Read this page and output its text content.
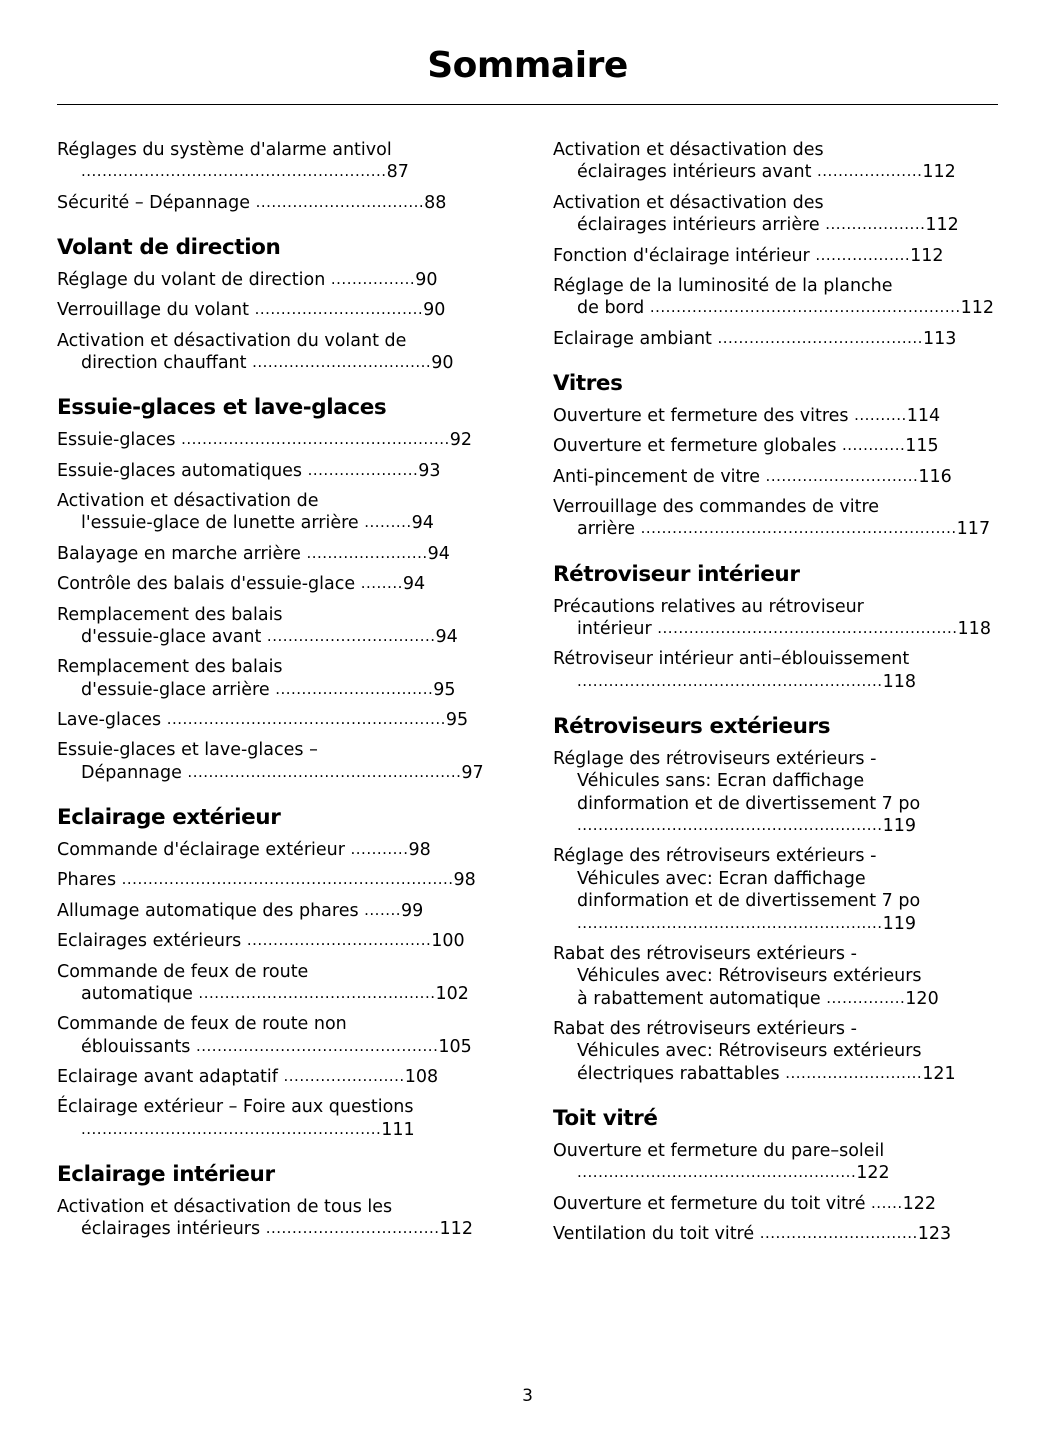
Sommaire
Réglages du système d'alarme antivol
..........................................................87
Sécurité – Dépannage ................................88
Volant de direction
Réglage du volant de direction ................90
Verrouillage du volant ................................90
Activation et désactivation du volant de
direction chauffant ..................................90
Essuie-glaces et lave-glaces
Essuie-glaces ...................................................92
Essuie-glaces automatiques .....................93
Activation et désactivation de
l'essuie-glace de lunette arrière .........94
Balayage en marche arrière .......................94
Contrôle des balais d'essuie-glace ........94
Remplacement des balais
d'essuie-glace avant ................................94
Remplacement des balais
d'essuie-glace arrière ..............................95
Lave-glaces .....................................................95
Essuie-glaces et lave-glaces –
Dépannage ....................................................97
Eclairage extérieur
Commande d'éclairage extérieur ...........98
Phares ...............................................................98
Allumage automatique des phares .......99
Eclairages extérieurs ...................................100
Commande de feux de route
automatique .............................................102
Commande de feux de route non
éblouissants ..............................................105
Eclairage avant adaptatif .......................108
Éclairage extérieur – Foire aux questions
.........................................................111
Eclairage intérieur
Activation et désactivation de tous les
éclairages intérieurs .................................112
Activation et désactivation des
éclairages intérieurs avant ....................112
Activation et désactivation des
éclairages intérieurs arrière ...................112
Fonction d'éclairage intérieur ..................112
Réglage de la luminosité de la planche
de bord ...........................................................112
Eclairage ambiant .......................................113
Vitres
Ouverture et fermeture des vitres ..........114
Ouverture et fermeture globales ............115
Anti-pincement de vitre .............................116
Verrouillage des commandes de vitre
arrière ............................................................117
Rétroviseur intérieur
Précautions relatives au rétroviseur
intérieur .........................................................118
Rétroviseur intérieur anti–éblouissement
..........................................................118
Rétroviseurs extérieurs
Réglage des rétroviseurs extérieurs -
Véhicules sans: Ecran daffichage
dinformation et de divertissement 7 po
..........................................................119
Réglage des rétroviseurs extérieurs -
Véhicules avec: Ecran daffichage
dinformation et de divertissement 7 po
..........................................................119
Rabat des rétroviseurs extérieurs -
Véhicules avec: Rétroviseurs extérieurs
à rabattement automatique ...............120
Rabat des rétroviseurs extérieurs -
Véhicules avec: Rétroviseurs extérieurs
électriques rabattables ..........................121
Toit vitré
Ouverture et fermeture du pare–soleil
.....................................................122
Ouverture et fermeture du toit vitré ......122
Ventilation du toit vitré ..............................123
3
